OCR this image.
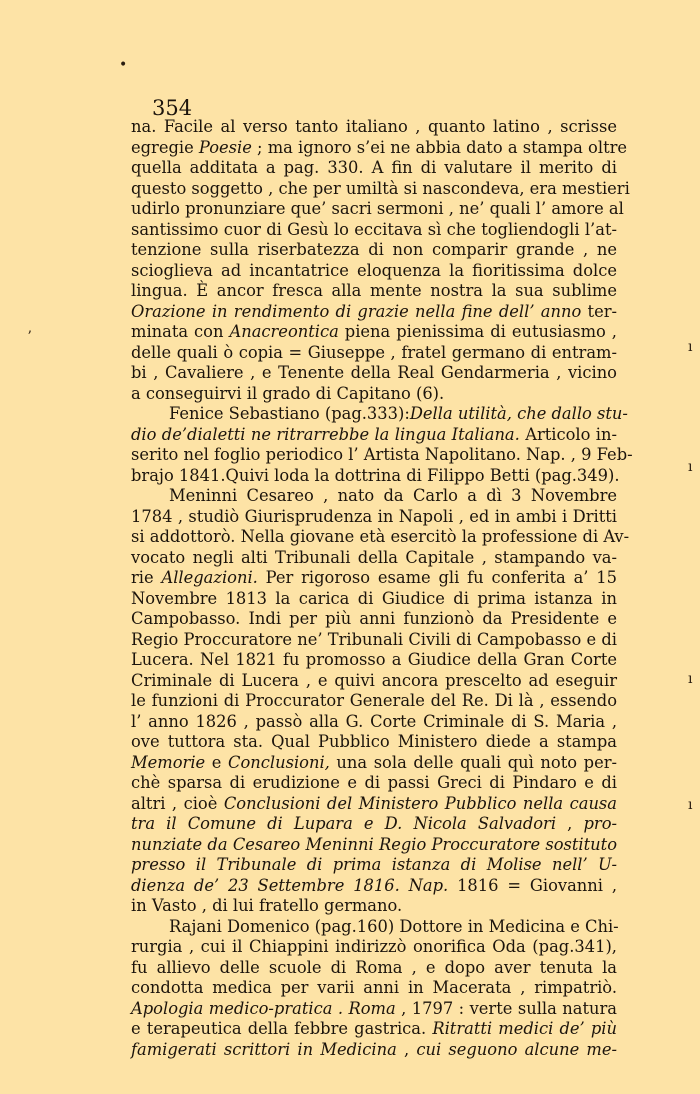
•
ʼ
ı
ı
ı
ı
354
na. Facile al verso tanto italiano , quanto latino , scrisse
egregie Poesie ; ma ignoro s’ei ne abbia dato a stampa oltre
quella additata a pag. 330. A fin di valutare il merito di
questo soggetto , che per umiltà si nascondeva, era mestieri
udirlo pronunziare que’ sacri sermoni , ne’ quali l’ amore al
santissimo cuor di Gesù lo eccitava sì che togliendogli l’at-
tenzione sulla riserbatezza di non comparir grande , ne
scioglieva ad incantatrice eloquenza la fioritissima dolce
lingua. È ancor fresca alla mente nostra la sua sublime
Orazione in rendimento di grazie nella fine dell’ anno ter-
minata con Anacreontica piena pienissima di eutusiasmo ,
delle quali ò copia = Giuseppe , fratel germano di entram-
bi , Cavaliere , e Tenente della Real Gendarmeria , vicino
a conseguirvi il grado di Capitano (6).
Fenice Sebastiano (pag.333):Della utilità, che dallo stu-
dio de’dialetti ne ritrarrebbe la lingua Italiana. Articolo in-
serito nel foglio periodico l’ Artista Napolitano. Nap. , 9 Feb-
brajo 1841.Quivi loda la dottrina di Filippo Betti (pag.349).
Meninni Cesareo , nato da Carlo a dì 3 Novembre
1784 , studiò Giurisprudenza in Napoli , ed in ambi i Dritti
si addottorò. Nella giovane età esercitò la professione di Av-
vocato negli alti Tribunali della Capitale , stampando va-
rie Allegazioni. Per rigoroso esame gli fu conferita a’ 15
Novembre 1813 la carica di Giudice di prima istanza in
Campobasso. Indi per più anni funzionò da Presidente e
Regio Proccuratore ne’ Tribunali Civili di Campobasso e di
Lucera. Nel 1821 fu promosso a Giudice della Gran Corte
Criminale di Lucera , e quivi ancora prescelto ad eseguir
le funzioni di Proccurator Generale del Re. Di là , essendo
l’ anno 1826 , passò alla G. Corte Criminale di S. Maria ,
ove tuttora sta. Qual Pubblico Ministero diede a stampa
Memorie e Conclusioni, una sola delle quali quì noto per-
chè sparsa di erudizione e di passi Greci di Pindaro e di
altri , cioè Conclusioni del Ministero Pubblico nella causa
tra il Comune di Lupara e D. Nicola Salvadori , pro-
nunziate da Cesareo Meninni Regio Proccuratore sostituto
presso il Tribunale di prima istanza di Molise nell’ U-
dienza de’ 23 Settembre 1816. Nap. 1816 = Giovanni ,
in Vasto , di lui fratello germano.
Rajani Domenico (pag.160) Dottore in Medicina e Chi-
rurgia , cui il Chiappini indirizzò onorifica Oda (pag.341),
fu allievo delle scuole di Roma , e dopo aver tenuta la
condotta medica per varii anni in Macerata , rimpatriò.
Apologia medico-pratica . Roma , 1797 : verte sulla natura
e terapeutica della febbre gastrica. Ritratti medici de’ più
famigerati scrittori in Medicina , cui seguono alcune me-
